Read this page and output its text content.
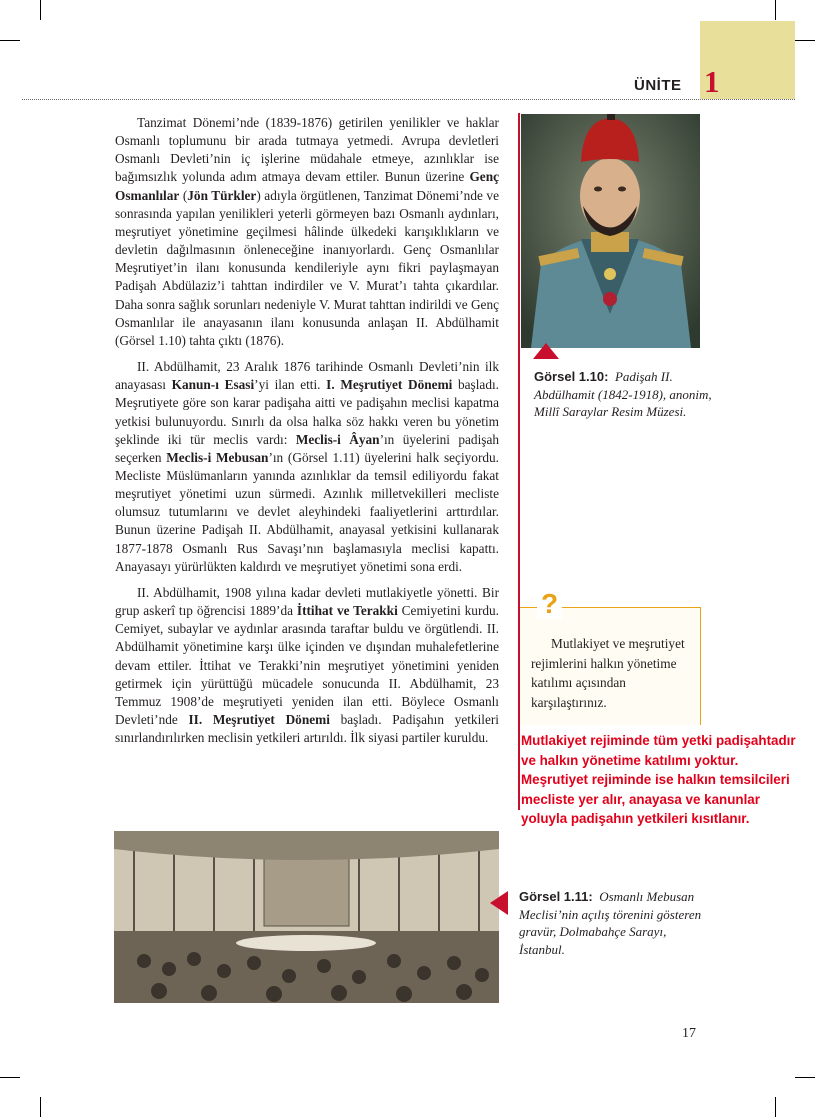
ÜNİTE 1

Tanzimat Dönemi’nde (1839-1876) getirilen yenilikler ve haklar Osmanlı toplumunu bir arada tutmaya yetmedi. Avrupa devletleri Osmanlı Devleti’nin iç işlerine müdahale etmeye, azınlıklar ise bağımsızlık yolunda adım atmaya devam ettiler. Bunun üzerine Genç Osmanlılar (Jön Türkler) adıyla örgütlenen, Tanzimat Dönemi’nde ve sonrasında yapılan yenilikleri yeterli görmeyen bazı Osmanlı aydınları, meşrutiyet yönetimine geçilmesi hâlinde ülkedeki karışıklıkların ve devletin dağılmasının önleneceğine inanıyorlardı. Genç Osmanlılar Meşrutiyet’in ilanı konusunda kendileriyle aynı fikri paylaşmayan Padişah Abdülaziz’i tahttan indirdiler ve V. Murat’ı tahta çıkardılar. Daha sonra sağlık sorunları nedeniyle V. Murat tahttan indirildi ve Genç Osmanlılar ile anayasanın ilanı konusunda anlaşan II. Abdülhamit (Görsel 1.10) tahta çıktı (1876).

II. Abdülhamit, 23 Aralık 1876 tarihinde Osmanlı Devleti’nin ilk anayasası Kanun-ı Esasi’yi ilan etti. I. Meşrutiyet Dönemi başladı. Meşrutiyete göre son karar padişaha aitti ve padişahın meclisi kapatma yetkisi bulunuyordu. Sınırlı da olsa halka söz hakkı veren bu yönetim şeklinde iki tür meclis vardı: Meclis-i Âyan’ın üyelerini padişah seçerken Meclis-i Mebusan’ın (Görsel 1.11) üyelerini halk seçiyordu. Mecliste Müslümanların yanında azınlıklar da temsil ediliyordu fakat meşrutiyet yönetimi uzun sürmedi. Azınlık milletvekilleri mecliste olumsuz tutumlarını ve devlet aleyhindeki faaliyetlerini arttırdılar. Bunun üzerine Padişah II. Abdülhamit, anayasal yetkisini kullanarak 1877-1878 Osmanlı Rus Savaşı’nın başlamasıyla meclisi kapattı. Anayasayı yürürlükten kaldırdı ve meşrutiyet yönetimi sona erdi.

II. Abdülhamit, 1908 yılına kadar devleti mutlakiyetle yönetti. Bir grup askerî tıp öğrencisi 1889’da İttihat ve Terakki Cemiyetini kurdu. Cemiyet, subaylar ve aydınlar arasında taraftar buldu ve örgütlendi. II. Abdülhamit yönetimine karşı ülke içinden ve dışından muhalefetlerine devam ettiler. İttihat ve Terakki’nin meşrutiyet yönetimini yeniden getirmek için yürüttüğü mücadele sonucunda II. Abdülhamit, 23 Temmuz 1908’de meşrutiyeti yeniden ilan etti. Böylece Osmanlı Devleti’nde II. Meşrutiyet Dönemi başladı. Padişahın yetkileri sınırlandırılırken meclisin yetkileri artırıldı. İlk siyasi partiler kuruldu.

Görsel 1.10: Padişah II. Abdülhamit (1842-1918), anonim, Millî Saraylar Resim Müzesi.
?
Mutlakiyet ve meşrutiyet rejimlerini halkın yönetime katılımı açısından karşılaştırınız.
Mutlakiyet rejiminde tüm yetki padişahtadır
ve halkın yönetime katılımı yoktur.
Meşrutiyet rejiminde ise halkın temsilcileri
mecliste yer alır, anayasa ve kanunlar
yoluyla padişahın yetkileri kısıtlanır.
Görsel 1.11: Osmanlı Mebusan Meclisi’nin açılış törenini gösteren gravür, Dolmabahçe Sarayı, İstanbul.
17
